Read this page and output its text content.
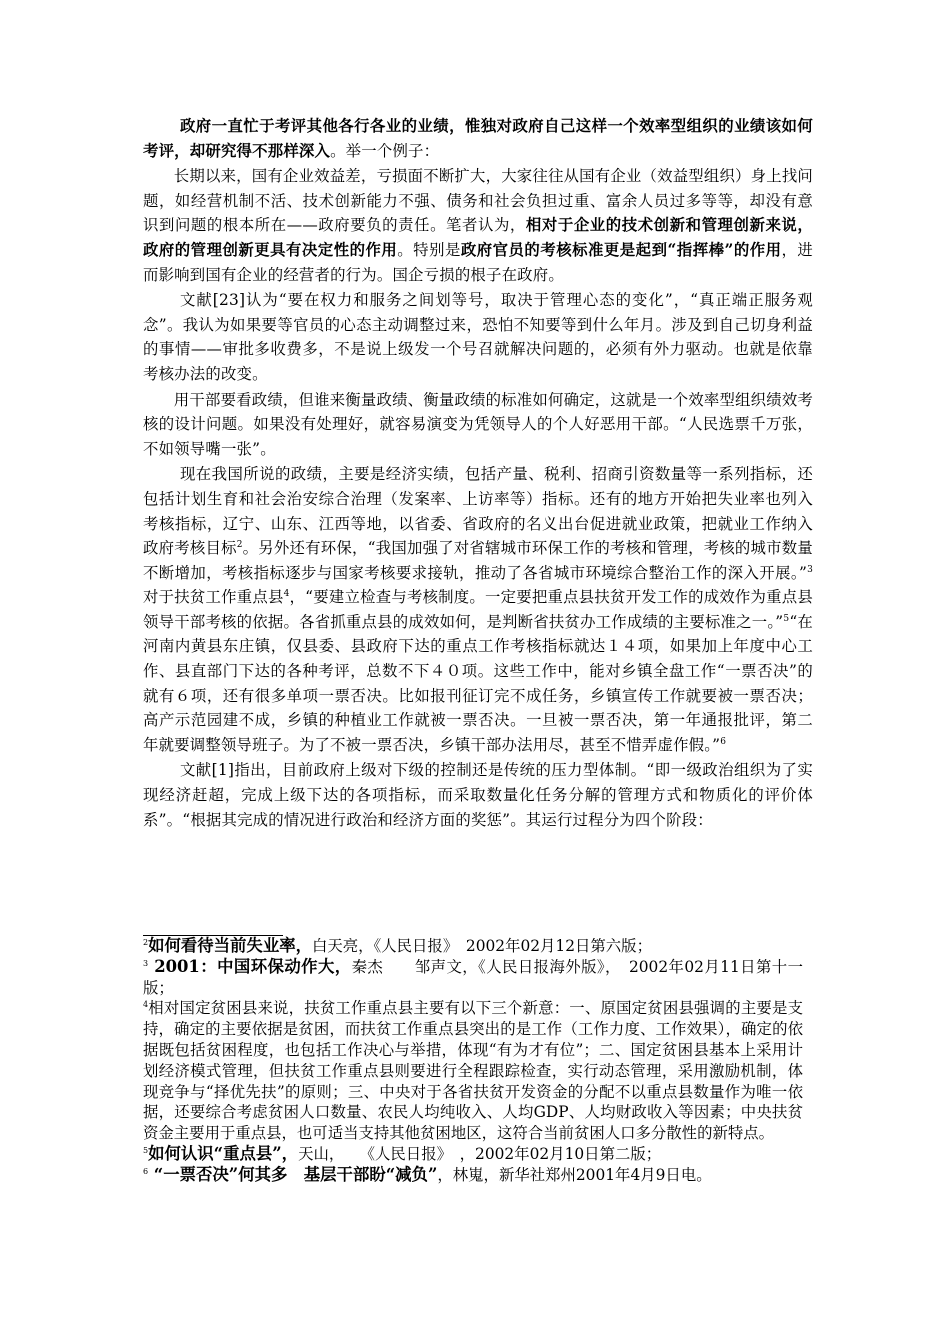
政府一直忙于考评其他各行各业的业绩，惟独对政府自己这样一个效率型组织的业绩该如何考评，却研究得不那样深入。举一个例子：

长期以来，国有企业效益差，亏损面不断扩大，大家往往从国有企业（效益型组织）身上找问题，如经营机制不活、技术创新能力不强、债务和社会负担过重、富余人员过多等等，却没有意识到问题的根本所在——政府要负的责任。笔者认为，相对于企业的技术创新和管理创新来说，政府的管理创新更具有决定性的作用。特别是政府官员的考核标准更是起到“指挥棒”的作用，进而影响到国有企业的经营者的行为。国企亏损的根子在政府。

文献[23]认为“要在权力和服务之间划等号，取决于管理心态的变化”，“真正端正服务观念”。我认为如果要等官员的心态主动调整过来，恐怕不知要等到什么年月。涉及到自己切身利益的事情——审批多收费多，不是说上级发一个号召就解决问题的，必须有外力驱动。也就是依靠考核办法的改变。

用干部要看政绩，但谁来衡量政绩、衡量政绩的标准如何确定，这就是一个效率型组织绩效考核的设计问题。如果没有处理好，就容易演变为凭领导人的个人好恶用干部。“人民选票千万张，不如领导嘴一张”。

现在我国所说的政绩，主要是经济实绩，包括产量、税利、招商引资数量等一系列指标，还包括计划生育和社会治安综合治理（发案率、上访率等）指标。还有的地方开始把失业率也列入考核指标，辽宁、山东、江西等地，以省委、省政府的名义出台促进就业政策，把就业工作纳入政府考核目标$^2$。另外还有环保，“我国加强了对省辖城市环保工作的考核和管理，考核的城市数量不断增加，考核指标逐步与国家考核要求接轨，推动了各省城市环境综合整治工作的深入开展。”$^3$对于扶贫工作重点县$^4$，“要建立检查与考核制度。一定要把重点县扶贫开发工作的成效作为重点县领导干部考核的依据。各省抓重点县的成效如何，是判断省扶贫办工作成绩的主要标准之一。”$^5$“在河南内黄县东庄镇，仅县委、县政府下达的重点工作考核指标就达１４项，如果加上年度中心工作、县直部门下达的各种考评，总数不下４０项。这些工作中，能对乡镇全盘工作“一票否决”的就有６项，还有很多单项一票否决。比如报刊征订完不成任务，乡镇宣传工作就要被一票否决；高产示范园建不成，乡镇的种植业工作就被一票否决。一旦被一票否决，第一年通报批评，第二年就要调整领导班子。为了不被一票否决，乡镇干部办法用尽，甚至不惜弄虚作假。”$^6$

文献[1]指出，目前政府上级对下级的控制还是传统的压力型体制。“即一级政治组织为了实现经济赶超，完成上级下达的各项指标，而采取数量化任务分解的管理方式和物质化的评价体系”。“根据其完成的情况进行政治和经济方面的奖惩”。其运行过程分为四个阶段：

$^2$如何看待当前失业率，白天亮，《人民日报》　2002年02月12日第六版；

$^3$ 2001：中国环保动作大，秦杰　　邹声文，《人民日报海外版》，　2002年02月11日第十一版；

$^4$相对国定贫困县来说，扶贫工作重点县主要有以下三个新意：一、原国定贫困县强调的主要是支持，确定的主要依据是贫困，而扶贫工作重点县突出的是工作（工作力度、工作效果），确定的依据既包括贫困程度，也包括工作决心与举措，体现“有为才有位”；二、国定贫困县基本上采用计划经济模式管理，但扶贫工作重点县则要进行全程跟踪检查，实行动态管理，采用激励机制，体现竞争与“择优先扶”的原则；三、中央对于各省扶贫开发资金的分配不以重点县数量作为唯一依据，还要综合考虑贫困人口数量、农民人均纯收入、人均GDP、人均财政收入等因素；中央扶贫资金主要用于重点县，也可适当支持其他贫困地区，这符合当前贫困人口多分散性的新特点。

$^5$如何认识“重点县”，天山，　　《人民日报》　，2002年02月10日第二版；

$^6$ “一票否决”何其多　基层干部盼“减负”，林嵬，新华社郑州2001年4月9日电。
